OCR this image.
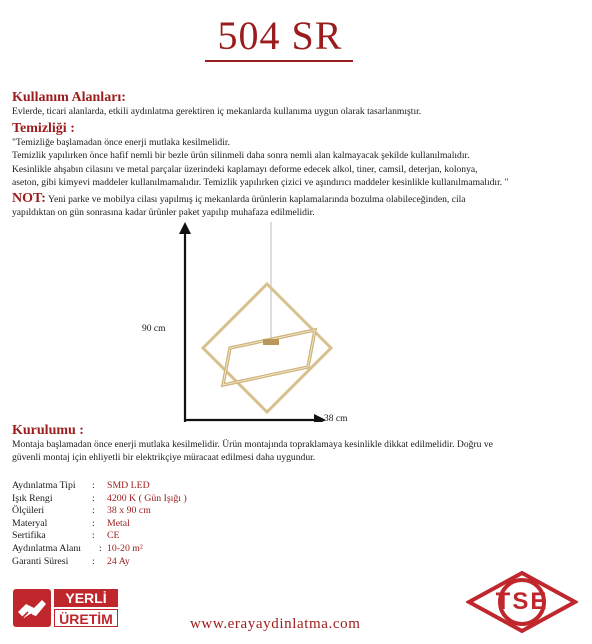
504 SR
Kullanım Alanları:
Evlerde, ticari alanlarda, etkili aydınlatma gerektiren iç mekanlarda kullanıma uygun olarak tasarlanmıştır.
Temizliği :
"Temizliğe başlamadan önce enerji mutlaka kesilmelidir.
Temizlik yapılırken önce hafif nemli bir bezle ürün silinmeli daha sonra nemli alan kalmayacak şekilde kullanılmalıdır.
Kesinlikle ahşabın cilasını ve metal parçalar üzerindeki kaplamayı deforme edecek alkol, tiner, camsil, deterjan, kolonya,
aseton, gibi kimyevi maddeler kullanılmamalıdır. Temizlik yapılırken çizici ve aşındırıcı maddeler kesinlikle kullanılmamalıdır. "
NOT: Yeni parke ve mobilya cilası yapılmış iç mekanlarda ürünlerin kaplamalarında bozulma olabileceğinden, cila
yapıldıktan on gün sonrasına kadar ürünler paket yapılıp muhafaza edilmelidir.
90 cm
38 cm
Kurulumu :
Montaja başlamadan önce enerji mutlaka kesilmelidir. Ürün montajında topraklamaya kesinlikle dikkat edilmelidir. Doğru ve
güvenli montaj için ehliyetli bir elektrikçiye müracaat edilmesi daha uygundur.
Aydınlatma Tipi : SMD LED
Işık Rengi	: 4200 K ( Gün Işığı )
Ölçüleri	: 38 x 90 cm
Materyal	: Metal
Sertifika	: CE
Aydınlatma Alanı : 10-20 m²
Garanti Süresi : 24 Ay
YERLİ
ÜRETİM	www.erayaydinlatma.com
TSE
